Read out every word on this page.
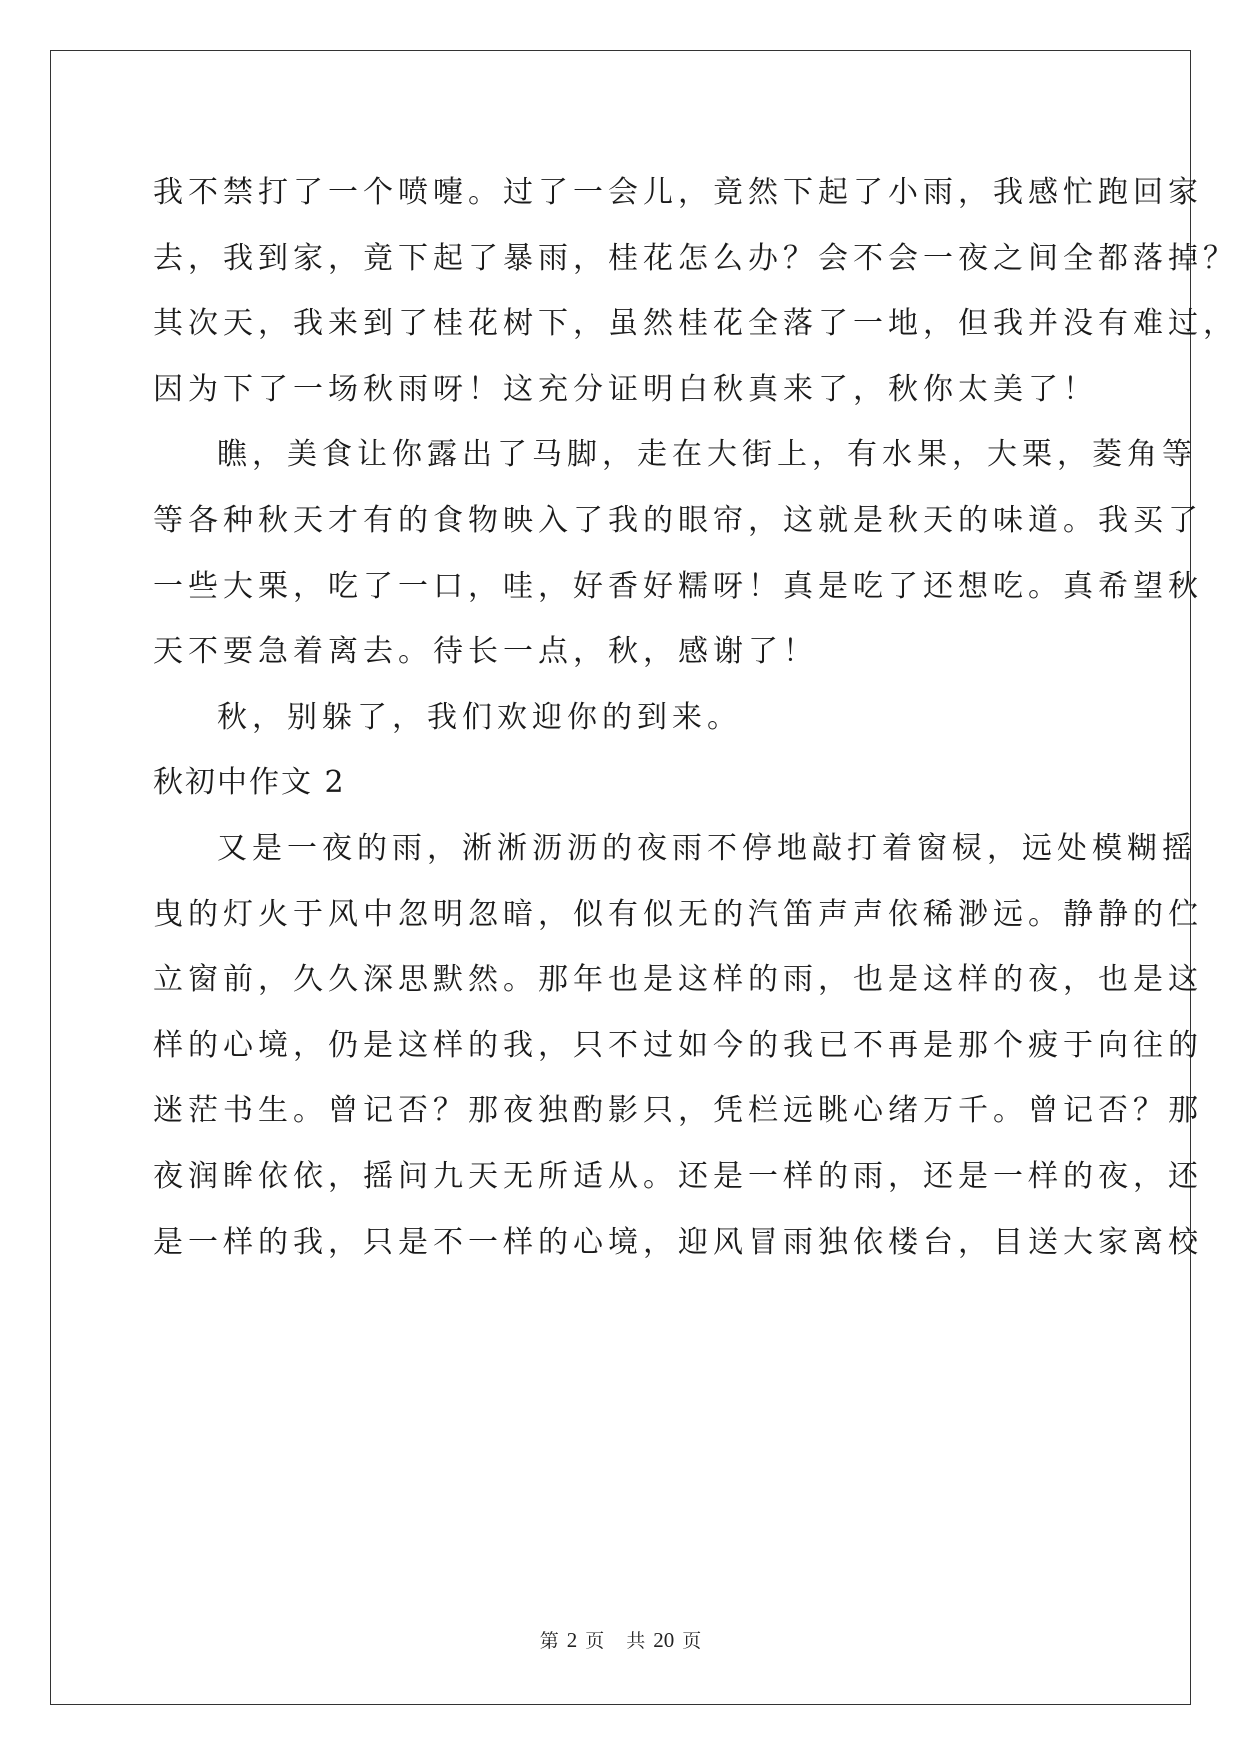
我不禁打了一个喷嚏。过了一会儿，竟然下起了小雨，我感忙跑回家
去，我到家，竟下起了暴雨，桂花怎么办？会不会一夜之间全都落掉？
其次天，我来到了桂花树下，虽然桂花全落了一地，但我并没有难过，
因为下了一场秋雨呀！这充分证明白秋真来了，秋你太美了！
瞧，美食让你露出了马脚，走在大街上，有水果，大栗，菱角等
等各种秋天才有的食物映入了我的眼帘，这就是秋天的味道。我买了
一些大栗，吃了一口，哇，好香好糯呀！真是吃了还想吃。真希望秋
天不要急着离去。待长一点，秋，感谢了！
秋，别躲了，我们欢迎你的到来。
秋初中作文 2
又是一夜的雨，淅淅沥沥的夜雨不停地敲打着窗棂，远处模糊摇
曳的灯火于风中忽明忽暗，似有似无的汽笛声声依稀渺远。静静的伫
立窗前，久久深思默然。那年也是这样的雨，也是这样的夜，也是这
样的心境，仍是这样的我，只不过如今的我已不再是那个疲于向往的
迷茫书生。曾记否？那夜独酌影只，凭栏远眺心绪万千。曾记否？那
夜润眸依依，摇问九天无所适从。还是一样的雨，还是一样的夜，还
是一样的我，只是不一样的心境，迎风冒雨独依楼台，目送大家离校
第 2 页 共 20 页
